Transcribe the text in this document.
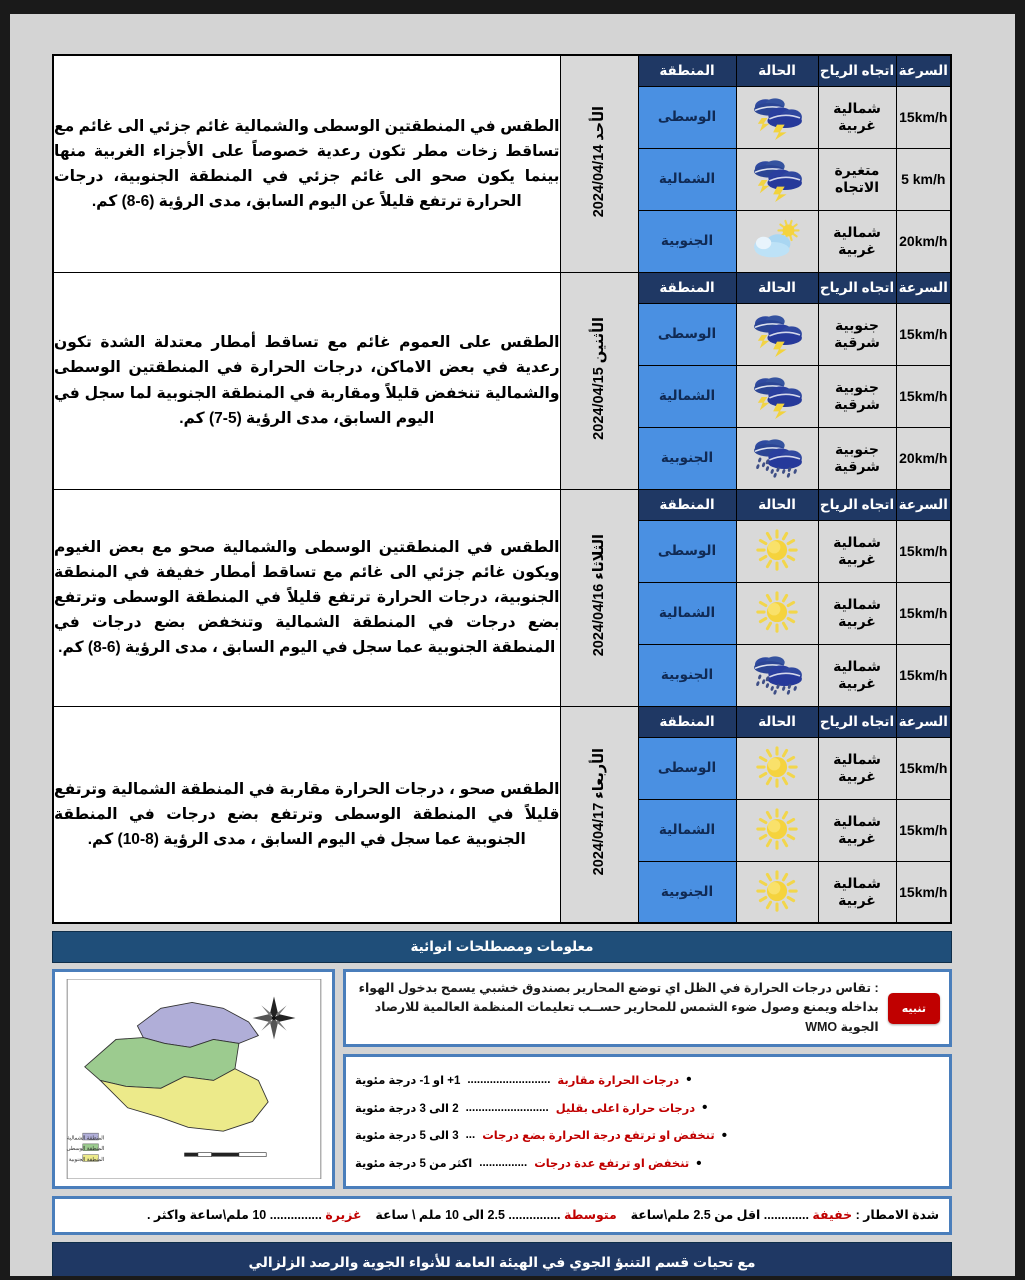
السرعة	اتجاه الرياح	الحالة	المنطقة	الأحد 2024/04/14	الطقس في المنطقتين الوسطى والشمالية غائم جزئي الى غائم مع تساقط زخات مطر تكون رعدية خصوصاً على الأجزاء الغربية منها بينما يكون صحو الى غائم جزئي في المنطقة الجنوبية، درجات الحرارة ترتفع قليلاً عن اليوم السابق، مدى الرؤية (6-8) كم.
15km/h	شمالية غربية		الوسطى		
5 km/h	متغيرة الاتجاه		الشمالية		
20km/h	شمالية غربية		الجنوبية		
السرعة	اتجاه الرياح	الحالة	المنطقة	الأثنين 2024/04/15	الطقس على العموم غائم مع تساقط أمطار معتدلة الشدة تكون رعدية في بعض الاماكن، درجات الحرارة في المنطقتين الوسطى والشمالية تنخفض قليلاً ومقاربة في المنطقة الجنوبية لما سجل في اليوم السابق، مدى الرؤية (5-7) كم.
15km/h	جنوبية شرقية		الوسطى		
15km/h	جنوبية شرقية		الشمالية		
20km/h	جنوبية شرقية		الجنوبية		
السرعة	اتجاه الرياح	الحالة	المنطقة	الثلاثاء 2024/04/16	الطقس في المنطقتين الوسطى والشمالية صحو مع بعض الغيوم ويكون غائم جزئي الى غائم مع تساقط أمطار خفيفة في المنطقة الجنوبية، درجات الحرارة ترتفع قليلاً في المنطقة الوسطى وترتفع بضع درجات في المنطقة الشمالية وتنخفض بضع درجات في المنطقة الجنوبية عما سجل في اليوم السابق ، مدى الرؤية (6-8) كم.
15km/h	شمالية غربية		الوسطى		
15km/h	شمالية غربية		الشمالية		
15km/h	شمالية غربية		الجنوبية		
السرعة	اتجاه الرياح	الحالة	المنطقة	الأربعاء 2024/04/17	الطقس صحو ، درجات الحرارة مقاربة في المنطقة الشمالية وترتفع قليلاً في المنطقة الوسطى وترتفع بضع درجات في المنطقة الجنوبية عما سجل في اليوم السابق ، مدى الرؤية (8-10) كم.
15km/h	شمالية غربية		الوسطى		
15km/h	شمالية غربية		الشمالية		
15km/h	شمالية غربية		الجنوبية		
معلومات ومصطلحات انوائية
تنبيه
: تقاس درجات الحرارة في الظل اي توضع المحارير بصندوق خشبي يسمح بدخول الهواء بداخله ويمنع وصول ضوء الشمس للمحارير حســب تعليمات المنظمة العالمية للارصاد الجوية WMO
•
درجات الحرارة مقاربة
..........................
1+ او 1- درجة مئوية
•
درجات حرارة اعلى بقليل
..........................
2 الى 3 درجة مئوية
•
تنخفض او ترتفع درجة الحرارة بضع درجات
...
3 الى 5 درجة مئوية
•
تنخفض او ترتفع عدة درجات
...............
اكثر من 5 درجة مئوية
المنطقة الشمالية
المنطقة الوسطى
المنطقة الجنوبية
شدة الامطار : خفيفة ............. اقل من 2.5 ملم\ساعة    متوسطة ............... 2.5 الى 10 ملم \ ساعة    غزيرة ............... 10 ملم\ساعة واكثر .
مع تحيات قسم التنبؤ الجوي في الهيئة العامة للأنواء الجوية والرصد الزلزالي
